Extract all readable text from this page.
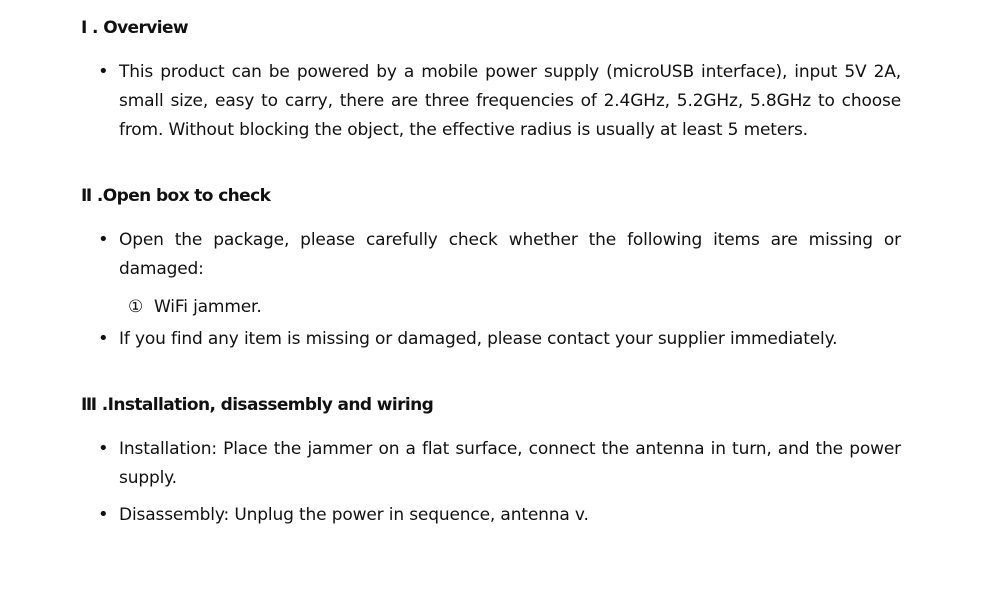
Ⅰ . Overview
• This product can be powered by a mobile power supply (microUSB interface), input 5V 2A, small size, easy to carry, there are three frequencies of 2.4GHz, 5.2GHz, 5.8GHz to choose from. Without blocking the object, the effective radius is usually at least 5 meters.

Ⅱ .Open box to check
• Open the package, please carefully check whether the following items are missing or damaged:

① WiFi jammer.
• If you find any item is missing or damaged, please contact your supplier immediately.

Ⅲ .Installation, disassembly and wiring
• Installation: Place the jammer on a flat surface, connect the antenna in turn, and the power supply.

• Disassembly: Unplug the power in sequence, antenna v.
